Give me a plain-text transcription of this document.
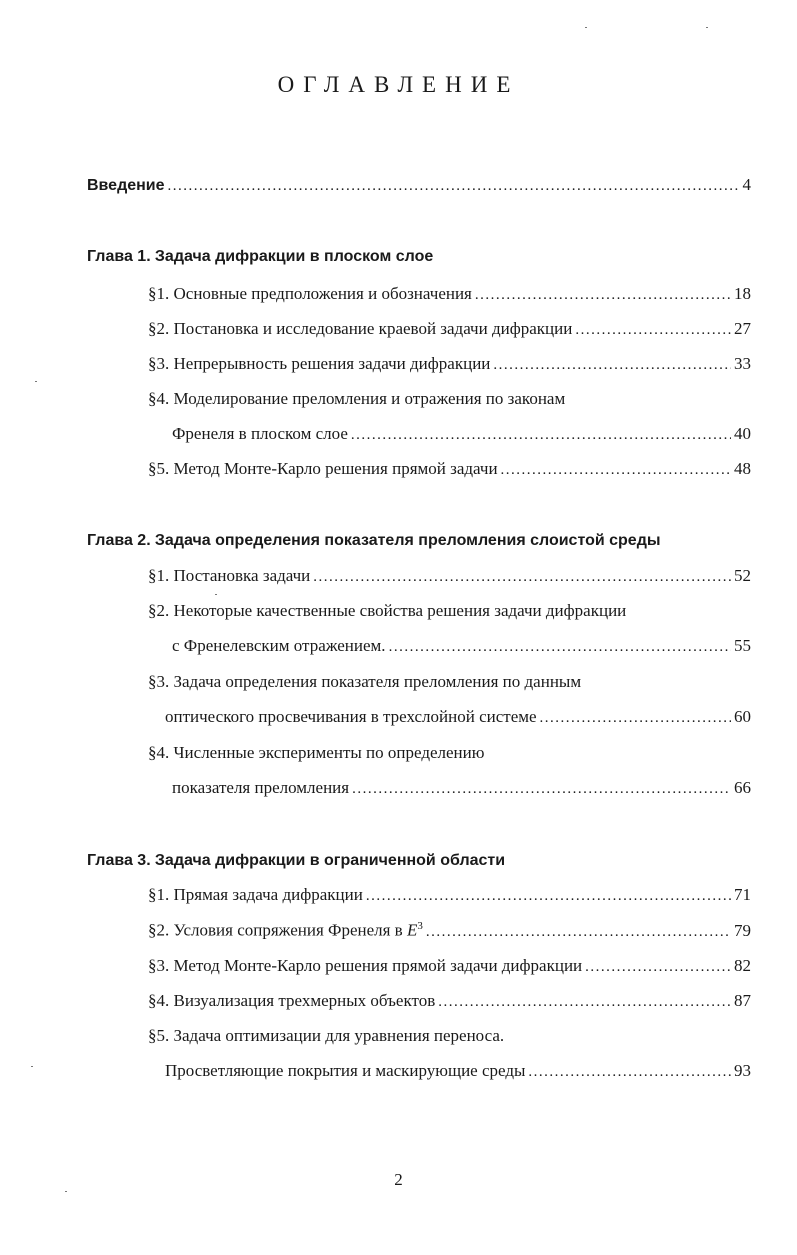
ОГЛАВЛЕНИЕ
Введение .....	4
Глава 1. Задача дифракции в плоском слое
§1. Основные предположения и обозначения .....	18
§2. Постановка и исследование краевой задачи дифракции .....	27
§3. Непрерывность решения задачи дифракции .....	33
§4. Моделирование преломления и отражения по законам
Френеля в плоском слое .....	40
§5. Метод Монте-Карло решения прямой задачи .....	48
Глава 2. Задача определения показателя преломления слоистой среды
§1. Постановка задачи .....	52
§2. Некоторые качественные свойства решения задачи дифракции
с Френелевским отражением. .....	55
§3. Задача определения показателя преломления по данным
оптического просвечивания в трехслойной системе .....	60
§4. Численные эксперименты по определению
показателя преломления .....	66
Глава 3. Задача дифракции в ограниченной области
§1. Прямая задача дифракции .....	71
§2. Условия сопряжения Френеля в $E^3$ .....	79
§3. Метод Монте-Карло решения прямой задачи дифракции .....	82
§4. Визуализация трехмерных объектов .....	87
§5. Задача оптимизации для уравнения переноса.
Просветляющие покрытия и маскирующие среды .....	93
2
